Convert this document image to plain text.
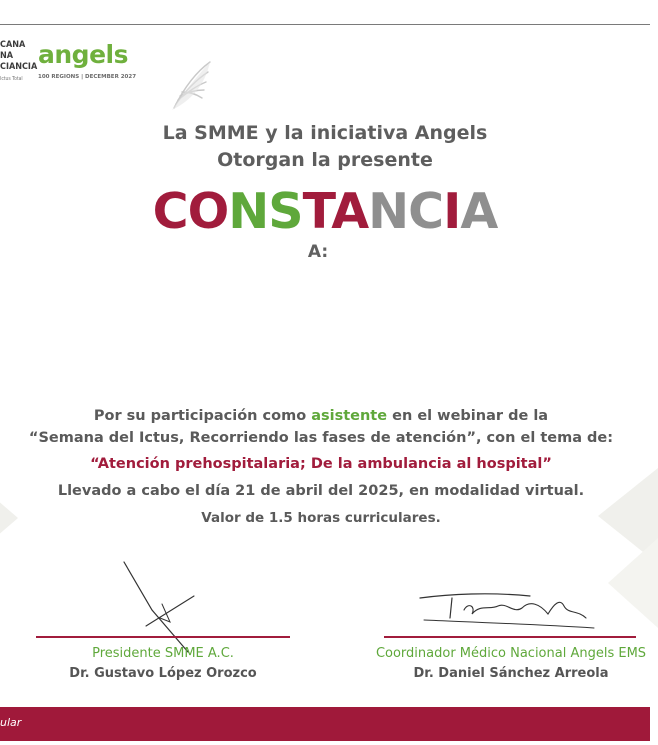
CANA
NA
CIANCIA
Ictus Total
angels
100 REGIONS | DECEMBER 2027
La SMME y la iniciativa Angels
Otorgan la presente
CONSTANCIA
A:
Por su participación como asistente en el webinar de la
“Semana del Ictus, Recorriendo las fases de atención”, con el tema de:
“Atención prehospitalaria; De la ambulancia al hospital”
Llevado a cabo el día 21 de abril del 2025, en modalidad virtual.
Valor de 1.5 horas curriculares.
Presidente SMME A.C.
Dr. Gustavo López Orozco
Coordinador Médico Nacional Angels EMS
Dr. Daniel Sánchez Arreola
ular
